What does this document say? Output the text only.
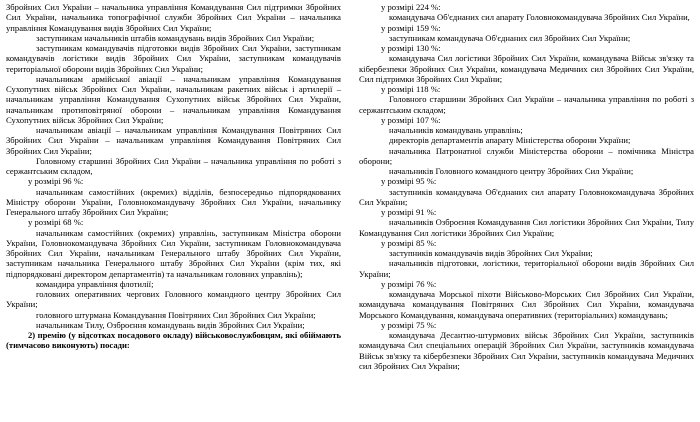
Збройних Сил України – начальника управління Командування Сил підтримки Збройних Сил України, начальника топографічної служби Збройних Сил України – начальника управління Командування видів Збройних Сил України;

заступникам начальників штабів командувань видів Збройних Сил України;

заступникам командувачів підготовки видів Збройних Сил України, заступникам командувачів логістики видів Збройних Сил України, заступникам командувачів територіальної оборони видів Збройних Сил України;

начальникам армійської авіації – начальникам управління Командування Сухопутних військ Збройних Сил України, начальникам ракетних військ і артилерії – начальникам управління Командування Сухопутних військ Збройних Сил України, начальникам протиповітряної оборони – начальникам управління Командування Сухопутних військ Збройних Сил України;

начальникам авіації – начальникам управління Командування Повітряних Сил Збройних Сил України – начальникам управління Командування Повітряних Сил Збройних Сил України;

Головному старшині Збройних Сил України – начальника управління по роботі з сержантським складом,

у розмірі 96 %:

начальникам самостійних (окремих) відділів, безпосередньо підпорядкованих Міністру оборони України, Головнокомандувачу Збройних Сил України, начальнику Генерального штабу Збройних Сил України;

у розмірі 68 %:

начальникам самостійних (окремих) управлінь, заступникам Міністра оборони України, Головнокомандувача Збройних Сил України, заступникам Головнокомандувача Збройних Сил України, начальникам Генерального штабу Збройних Сил України, заступникам начальника Генерального штабу Збройних Сил України (крім тих, які підпорядковані директором департаментів) та начальникам головних управлінь);

командира управління флотилії;

головних оперативних чергових Головного командного центру Збройних Сил України;

головного штурмана Командування Повітряних Сил Збройних Сил України;

начальникам Тилу, Озброєння командувань видів Збройних Сил України;

2) премію (у відсотках посадового окладу) військовослужбовцям, які обіймають (тимчасово виконують) посади:

у розмірі 224 %:

командувача Об'єднаних сил апарату Головнокомандувача Збройних Сил України,

у розмірі 159 %:

заступникам командувача Об'єднаних сил Збройних Сил України;

у розмірі 130 %:

командувача Сил логістики Збройних Сил України, командувача Військ зв'язку та кібербезпеки Збройних Сил України, командувача Медичних сил Збройних Сил України, Сил підтримки Збройних Сил України;

у розмірі 118 %:

Головного старшини Збройних Сил України – начальника управління по роботі з сержантським складом;

у розмірі 107 %:

начальників командувань управлінь;

директорів департаментів апарату Міністерства оборони України;

начальника Патронатної служби Міністерства оборони – помічника Міністра оборони;

начальників Головного командного центру Збройних Сил України;

у розмірі 95 %:

заступників командувача Об'єднаних сил апарату Головнокомандувача Збройних Сил України;

у розмірі 91 %:

начальників Озброєння Командування Сил логістики Збройних Сил України, Тилу Командування Сил логістики Збройних Сил України;

у розмірі 85 %:

заступників командувачів видів Збройних Сил України;

начальників підготовки, логістики, територіальної оборони видів Збройних Сил України;

у розмірі 76 %:

командувача Морської піхоти Військово-Морських Сил Збройних Сил України, командувача командування Повітряних Сил Збройних Сил України, командувача Морського Командування, командувача оперативних (територіальних) командувань;

у розмірі 75 %:

командувача Десантно-штурмових військ Збройних Сил України, заступників командувача Сил спеціальних операцій Збройних Сил України, заступників командувача Військ зв'язку та кібербезпеки Збройних Сил України, заступників командувача Медичних сил Збройних Сил України;
